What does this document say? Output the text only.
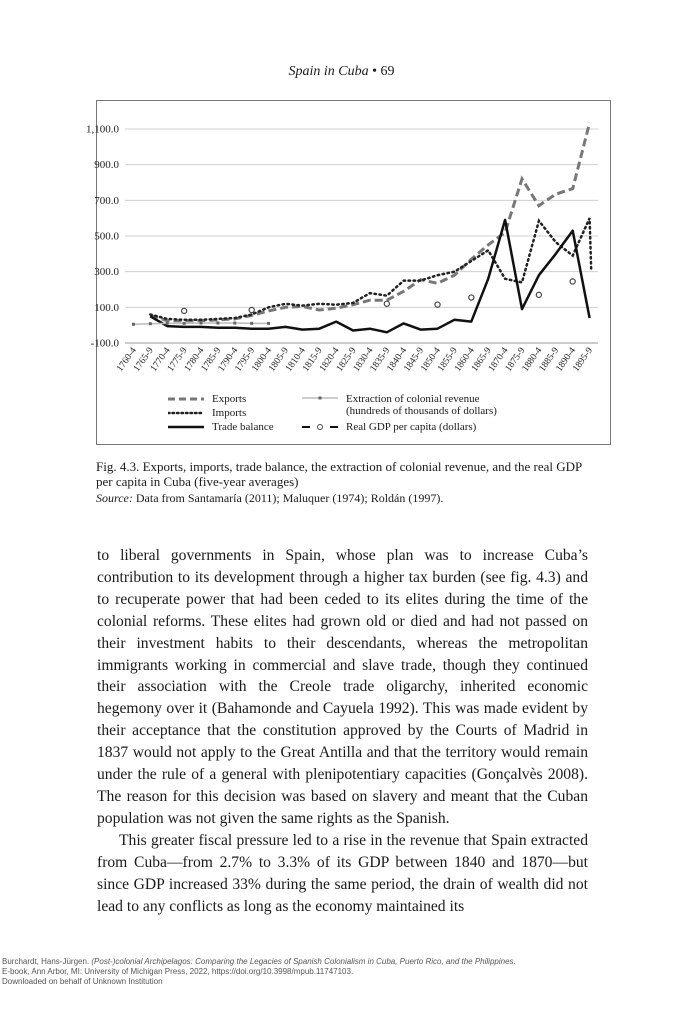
Spain in Cuba • 69
-100.0
100.0
300.0
500.0
700.0
900.0
1,100.0
1760-4
1765-9
1770-4
1775-9
1780-4
1785-9
1790-4
1795-9
1800-4
1805-9
1810-4
1815-9
1820-4
1825-9
1830-4
1835-9
1840-4
1845-9
1850-4
1855-9
1860-4
1865-9
1870-4
1875-9
1880-4
1885-9
1890-4
1895-9
Exports
Imports
Trade balance
Extraction of colonial revenue
(hundreds of thousands of dollars)
Real GDP per capita (dollars)
Fig. 4.3. Exports, imports, trade balance, the extraction of colonial revenue, and the real GDP per capita in Cuba (five-year averages)
Source: Data from Santamaría (2011); Maluquer (1974); Roldán (1997).

to liberal governments in Spain, whose plan was to increase Cuba’s contribution to its development through a higher tax burden (see fig. 4.3) and to recuperate power that had been ceded to its elites during the time of the colonial reforms. These elites had grown old or died and had not passed on their investment habits to their descendants, whereas the metropolitan immigrants working in commercial and slave trade, though they continued their association with the Creole trade oligarchy, inherited economic hegemony over it (Bahamonde and Cayuela 1992). This was made evident by their acceptance that the constitution approved by the Courts of Madrid in 1837 would not apply to the Great Antilla and that the territory would remain under the rule of a general with plenipotentiary capacities (Gonçalvès 2008). The reason for this decision was based on slavery and meant that the Cuban population was not given the same rights as the Spanish.

This greater fiscal pressure led to a rise in the revenue that Spain extracted from Cuba—from 2.7% to 3.3% of its GDP between 1840 and 1870—but since GDP increased 33% during the same period, the drain of wealth did not lead to any conflicts as long as the economy maintained its

Burchardt, Hans-Jürgen. (Post-)colonial Archipelagos: Comparing the Legacies of Spanish Colonialism in Cuba, Puerto Rico, and the Philippines.
E-book, Ann Arbor, MI: University of Michigan Press, 2022, https://doi.org/10.3998/mpub.11747103.
Downloaded on behalf of Unknown Institution
